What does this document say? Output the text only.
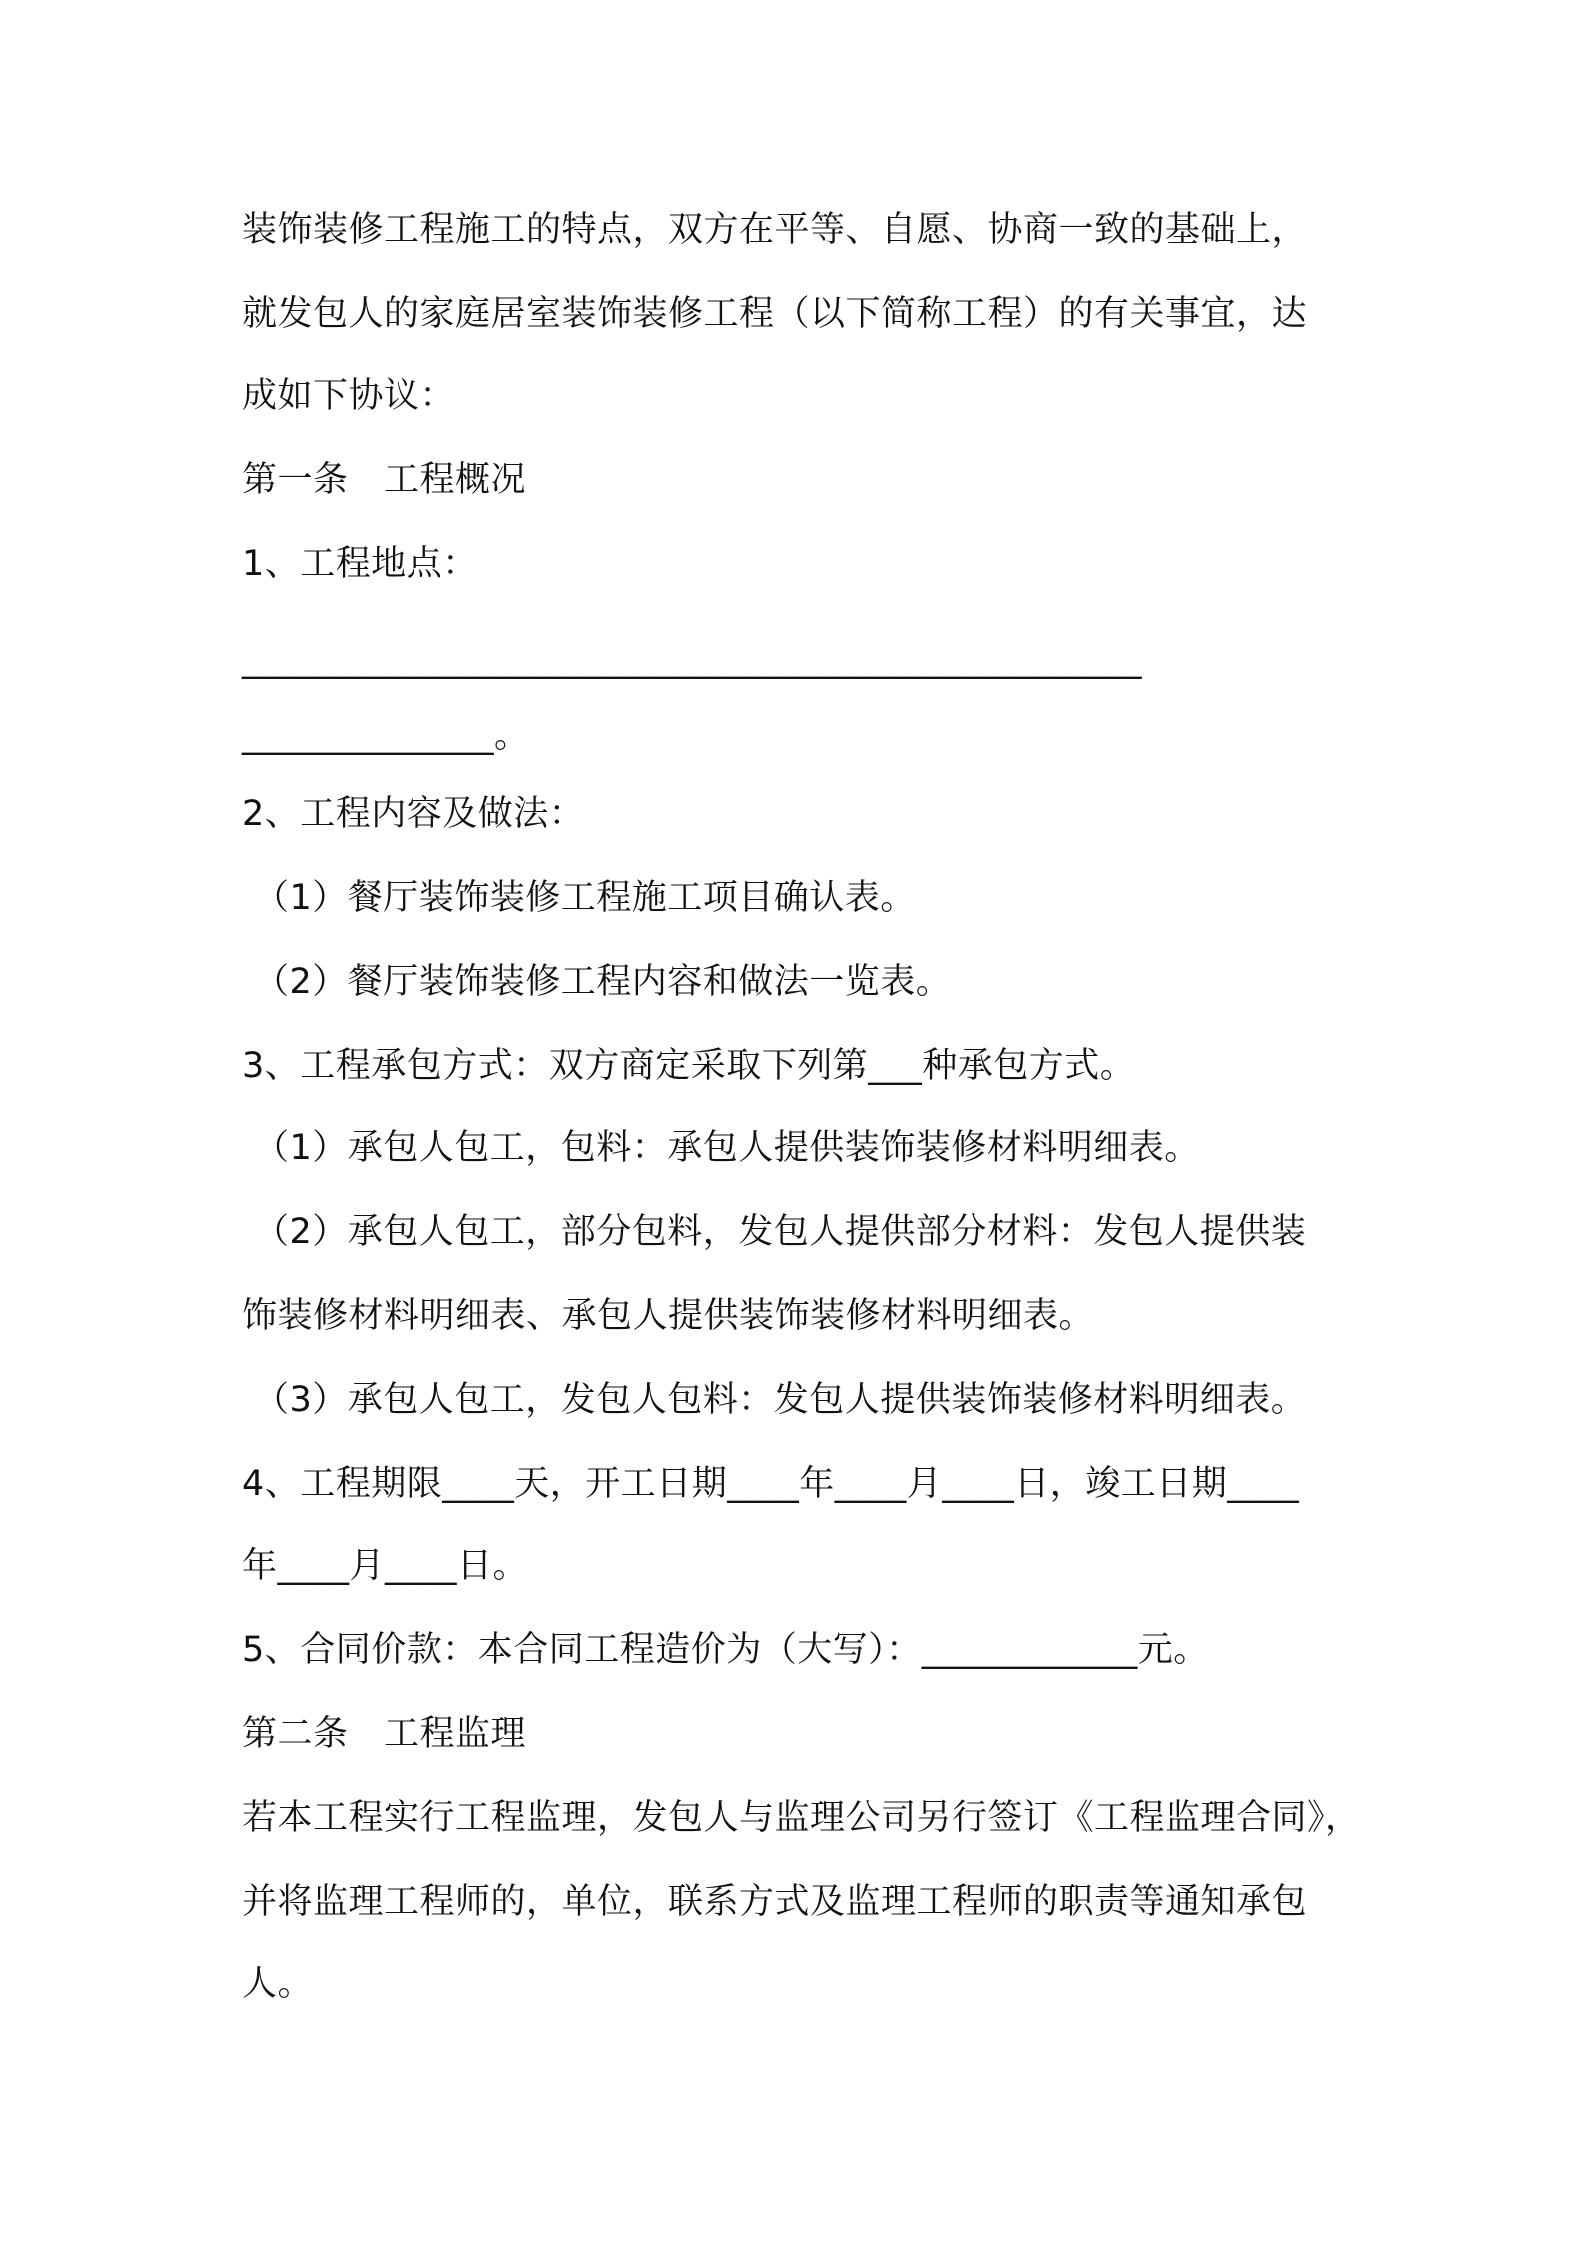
装饰装修工程施工的特点，双方在平等、自愿、协商一致的基础上，
就发包人的家庭居室装饰装修工程（以下简称工程）的有关事宜，达
成如下协议：
第一条　工程概况
1、工程地点：
__________________________________________________
______________。
2、工程内容及做法：
（1）餐厅装饰装修工程施工项目确认表。
（2）餐厅装饰装修工程内容和做法一览表。
3、工程承包方式：双方商定采取下列第___种承包方式。
（1）承包人包工，包料：承包人提供装饰装修材料明细表。
（2）承包人包工，部分包料，发包人提供部分材料：发包人提供装
饰装修材料明细表、承包人提供装饰装修材料明细表。
（3）承包人包工，发包人包料：发包人提供装饰装修材料明细表。
4、工程期限____天，开工日期____年____月____日，竣工日期____
年____月____日。
5、合同价款：本合同工程造价为（大写）：____________元。
第二条　工程监理
若本工程实行工程监理，发包人与监理公司另行签订《工程监理合同》，
并将监理工程师的，单位，联系方式及监理工程师的职责等通知承包
人。
